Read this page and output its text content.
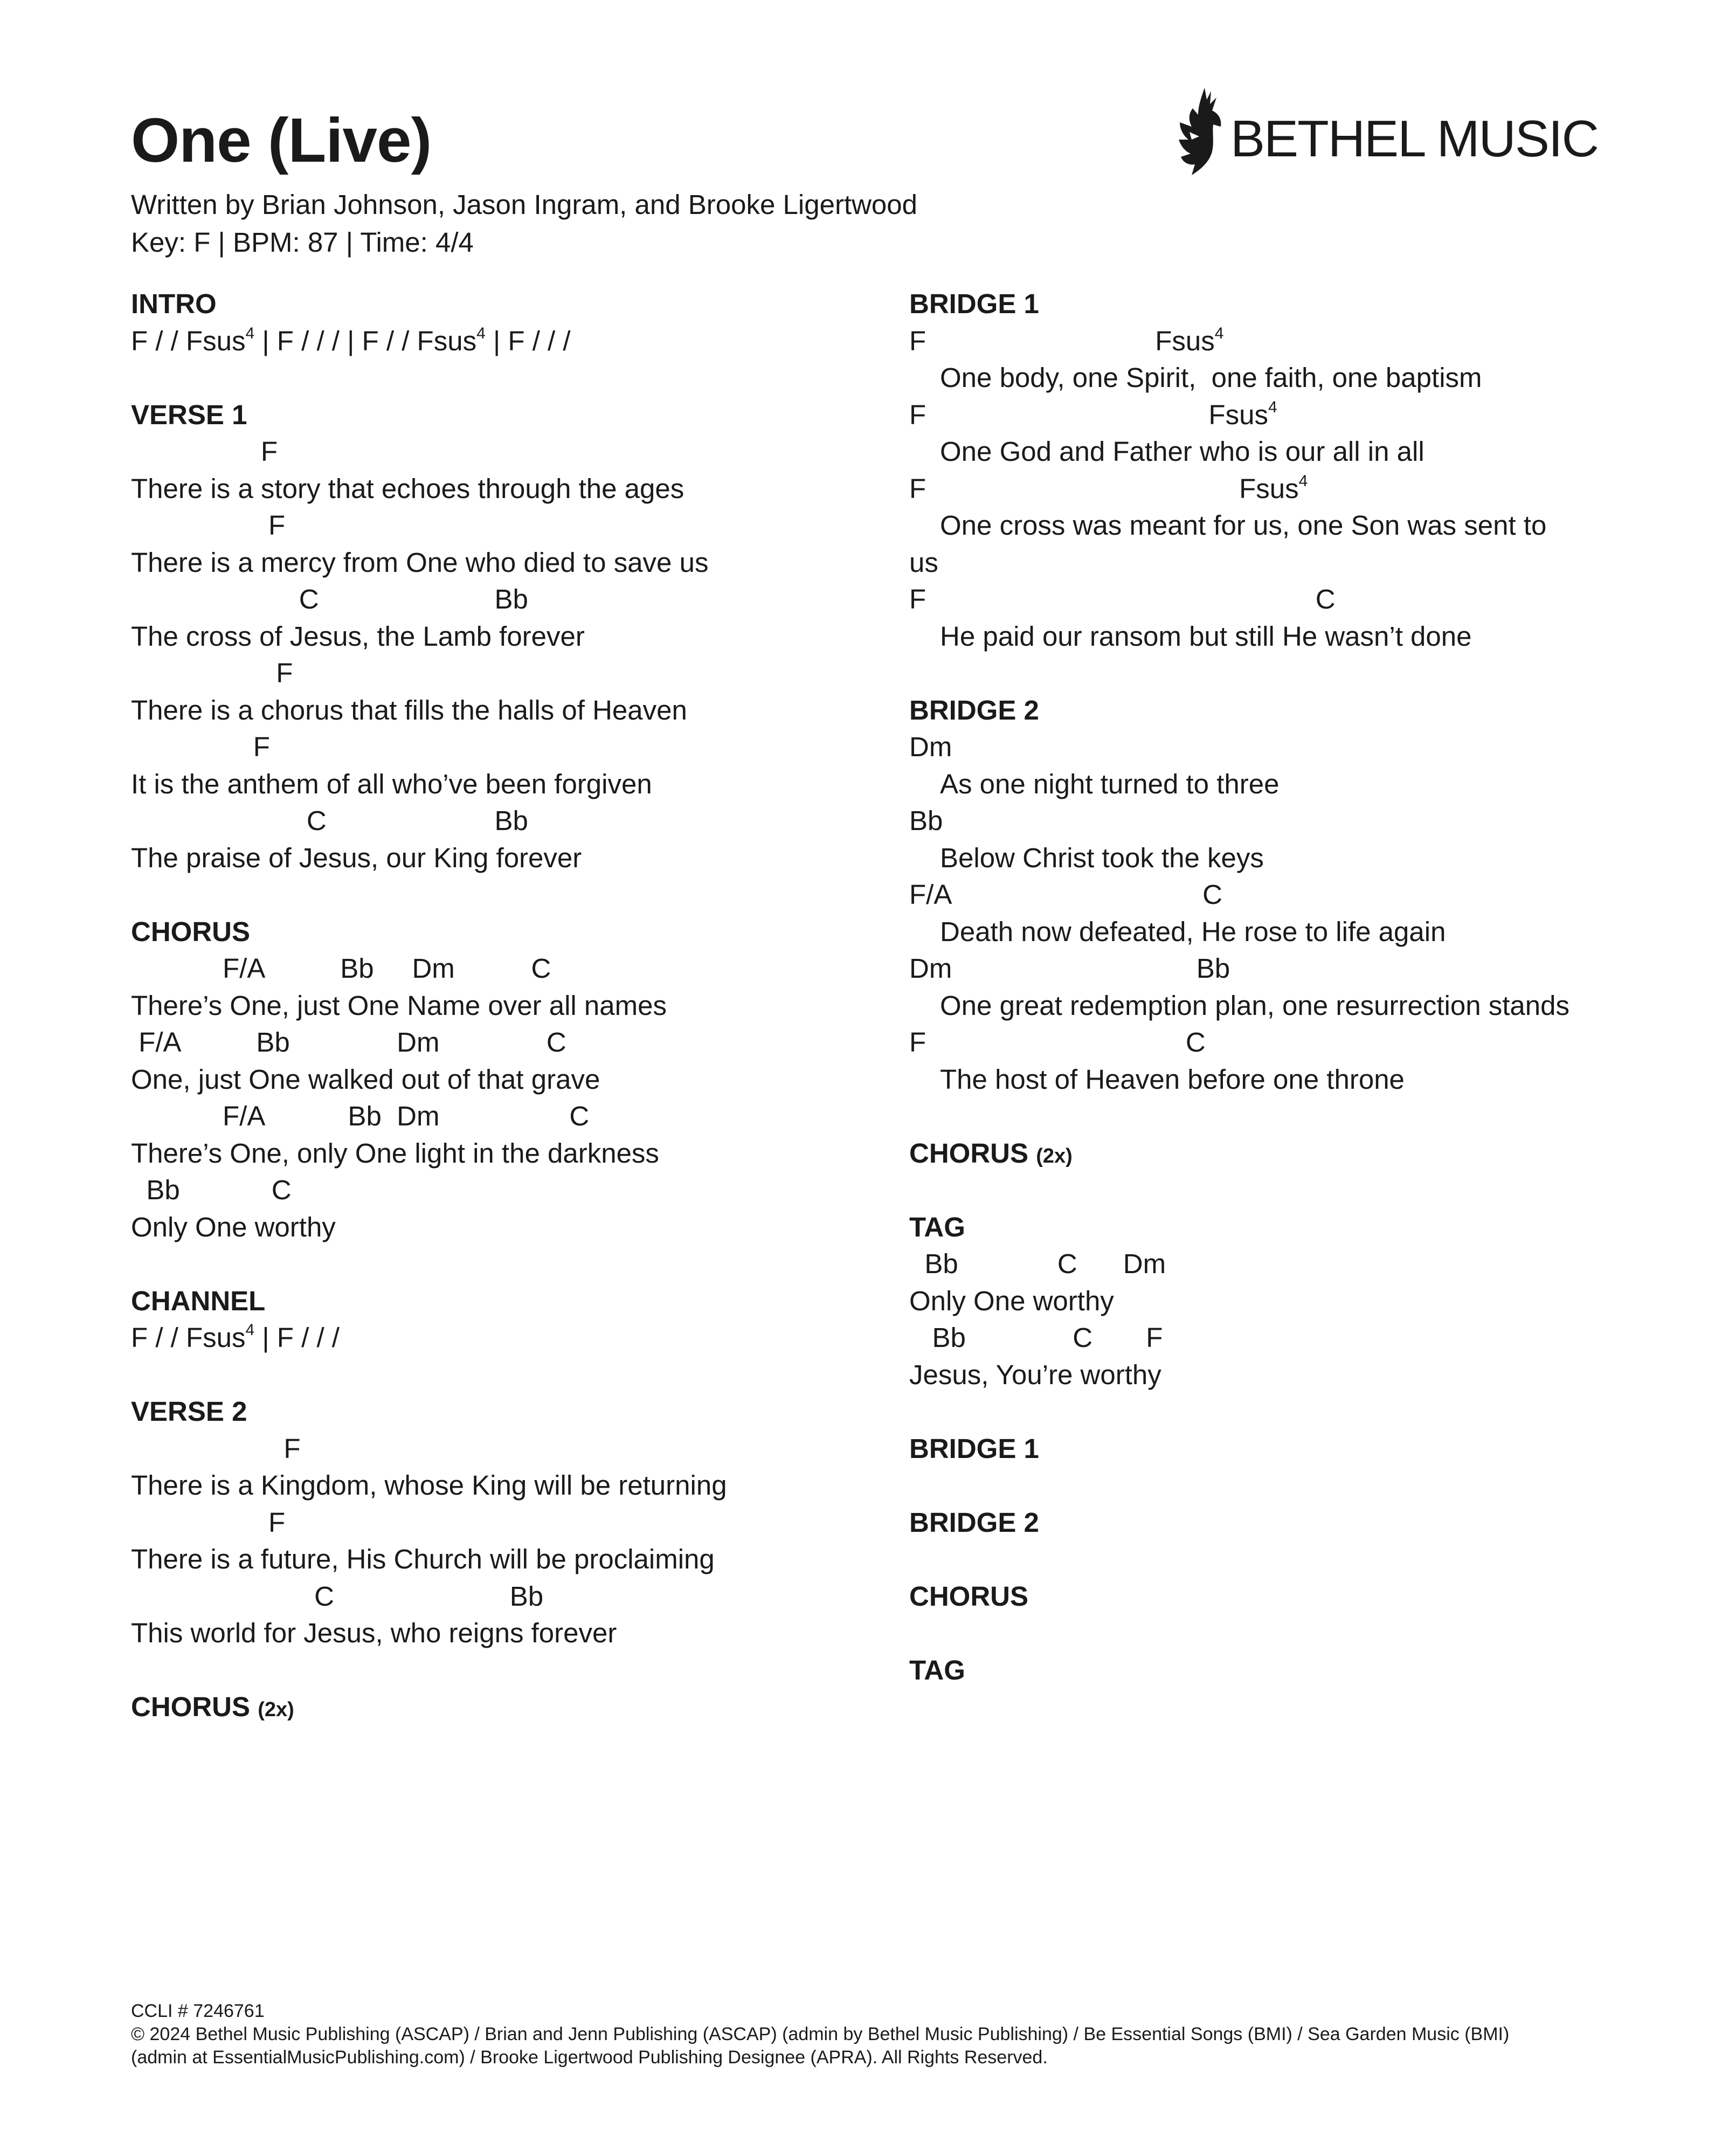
One (Live)
Written by Brian Johnson, Jason Ingram, and Brooke Ligertwood
Key: F | BPM: 87 | Time: 4/4
BETHEL MUSIC
INTRO
F / / Fsus$^4$ | F / / / | F / / Fsus$^4$ | F / / /
VERSE 1
F
There is a story that echoes through the ages
F
There is a mercy from One who died to save us
C                       Bb
The cross of Jesus, the Lamb forever
F
There is a chorus that fills the halls of Heaven
F
It is the anthem of all who’ve been forgiven
C                      Bb
The praise of Jesus, our King forever
CHORUS
F/A          Bb     Dm          C
There’s One, just One Name over all names
F/A          Bb              Dm              C
One, just One walked out of that grave
F/A           Bb  Dm                 C
There’s One, only One light in the darkness
Bb            C
Only One worthy
CHANNEL
F / / Fsus$^4$ | F / / /
VERSE 2
F
There is a Kingdom, whose King will be returning
F
There is a future, His Church will be proclaiming
C                       Bb
This world for Jesus, who reigns forever
CHORUS (2x)
BRIDGE 1
F                              Fsus$^4$
One body, one Spirit,  one faith, one baptism
F                                     Fsus$^4$
One God and Father who is our all in all
F                                         Fsus$^4$
One cross was meant for us, one Son was sent to
us
F                                                   C
He paid our ransom but still He wasn’t done
BRIDGE 2
Dm
As one night turned to three
Bb
Below Christ took the keys
F/A                                 C
Death now defeated, He rose to life again
Dm                                Bb
One great redemption plan, one resurrection stands
F                                  C
The host of Heaven before one throne
CHORUS (2x)
TAG
Bb             C      Dm
Only One worthy
Bb              C       F
Jesus, You’re worthy
BRIDGE 1
BRIDGE 2
CHORUS
TAG
CCLI # 7246761
© 2024 Bethel Music Publishing (ASCAP) / Brian and Jenn Publishing (ASCAP) (admin by Bethel Music Publishing) / Be Essential Songs (BMI) / Sea Garden Music (BMI)
(admin at EssentialMusicPublishing.com) / Brooke Ligertwood Publishing Designee (APRA). All Rights Reserved.
